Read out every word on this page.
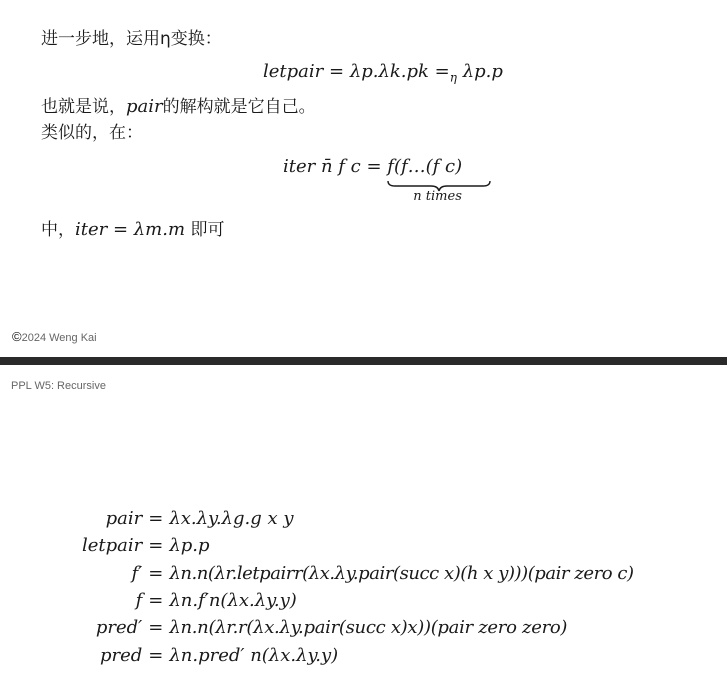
进一步地，运用η变换：
letpair = $\lambda p.\lambda k.pk =_\eta$ λp.p
也就是说，pair的解构就是它自己。
类似的，在：
iter n̄ f c = f(f…(f c)
n times
中，iter = λm.m 即可
©2024 Weng Kai
PPL W5: Recursive
pair	=	λx.λy.λg.g x y
letpair	=	λp.p
f′	=	λn.n(λr.letpairr(λx.λy.pair(succ x)(h x y)))(pair zero c)
f	=	λn.f′n(λx.λy.y)
pred′	=	λn.n(λr.r(λx.λy.pair(succ x)x))(pair zero zero)
pred	=	λn.pred′ n(λx.λy.y)
